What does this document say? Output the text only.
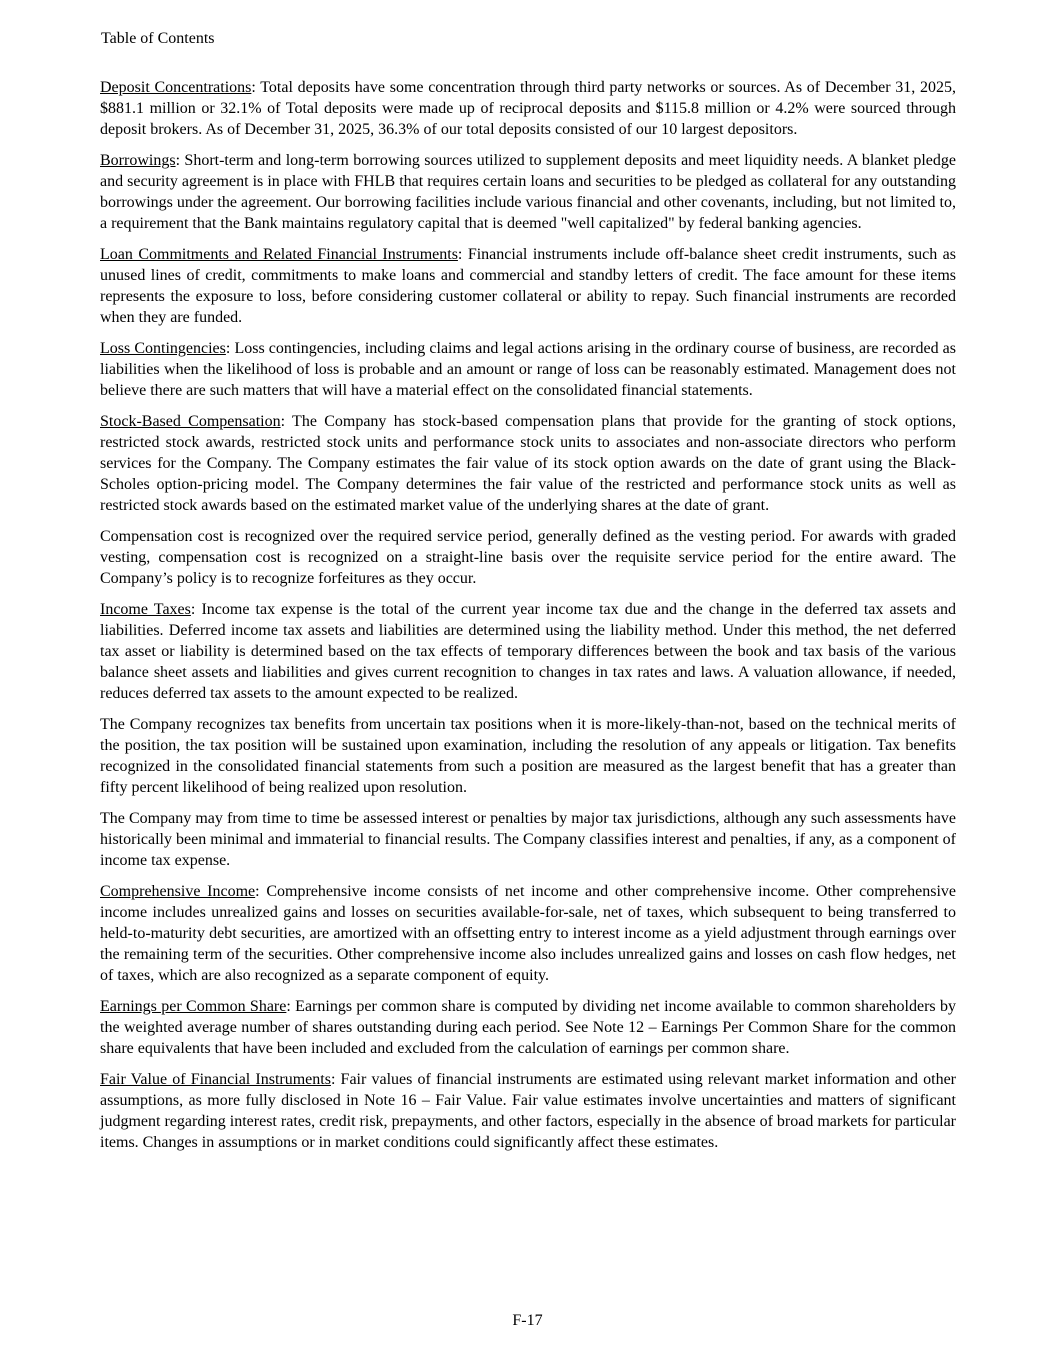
Table of Contents

Deposit Concentrations: Total deposits have some concentration through third party networks or sources. As of December 31, 2025, $881.1 million or 32.1% of Total deposits were made up of reciprocal deposits and $115.8 million or 4.2% were sourced through deposit brokers. As of December 31, 2025, 36.3% of our total deposits consisted of our 10 largest depositors.

Borrowings: Short-term and long-term borrowing sources utilized to supplement deposits and meet liquidity needs. A blanket pledge and security agreement is in place with FHLB that requires certain loans and securities to be pledged as collateral for any outstanding borrowings under the agreement. Our borrowing facilities include various financial and other covenants, including, but not limited to, a requirement that the Bank maintains regulatory capital that is deemed "well capitalized" by federal banking agencies.

Loan Commitments and Related Financial Instruments: Financial instruments include off-balance sheet credit instruments, such as unused lines of credit, commitments to make loans and commercial and standby letters of credit. The face amount for these items represents the exposure to loss, before considering customer collateral or ability to repay. Such financial instruments are recorded when they are funded.

Loss Contingencies: Loss contingencies, including claims and legal actions arising in the ordinary course of business, are recorded as liabilities when the likelihood of loss is probable and an amount or range of loss can be reasonably estimated. Management does not believe there are such matters that will have a material effect on the consolidated financial statements.

Stock-Based Compensation: The Company has stock-based compensation plans that provide for the granting of stock options, restricted stock awards, restricted stock units and performance stock units to associates and non-associate directors who perform services for the Company. The Company estimates the fair value of its stock option awards on the date of grant using the Black-Scholes option-pricing model. The Company determines the fair value of the restricted and performance stock units as well as restricted stock awards based on the estimated market value of the underlying shares at the date of grant.

Compensation cost is recognized over the required service period, generally defined as the vesting period. For awards with graded vesting, compensation cost is recognized on a straight-line basis over the requisite service period for the entire award. The Company’s policy is to recognize forfeitures as they occur.

Income Taxes: Income tax expense is the total of the current year income tax due and the change in the deferred tax assets and liabilities. Deferred income tax assets and liabilities are determined using the liability method. Under this method, the net deferred tax asset or liability is determined based on the tax effects of temporary differences between the book and tax basis of the various balance sheet assets and liabilities and gives current recognition to changes in tax rates and laws. A valuation allowance, if needed, reduces deferred tax assets to the amount expected to be realized.

The Company recognizes tax benefits from uncertain tax positions when it is more-likely-than-not, based on the technical merits of the position, the tax position will be sustained upon examination, including the resolution of any appeals or litigation. Tax benefits recognized in the consolidated financial statements from such a position are measured as the largest benefit that has a greater than fifty percent likelihood of being realized upon resolution.

The Company may from time to time be assessed interest or penalties by major tax jurisdictions, although any such assessments have historically been minimal and immaterial to financial results. The Company classifies interest and penalties, if any, as a component of income tax expense.

Comprehensive Income: Comprehensive income consists of net income and other comprehensive income. Other comprehensive income includes unrealized gains and losses on securities available-for-sale, net of taxes, which subsequent to being transferred to held-to-maturity debt securities, are amortized with an offsetting entry to interest income as a yield adjustment through earnings over the remaining term of the securities. Other comprehensive income also includes unrealized gains and losses on cash flow hedges, net of taxes, which are also recognized as a separate component of equity.

Earnings per Common Share: Earnings per common share is computed by dividing net income available to common shareholders by the weighted average number of shares outstanding during each period. See Note 12 – Earnings Per Common Share for the common share equivalents that have been included and excluded from the calculation of earnings per common share.

Fair Value of Financial Instruments: Fair values of financial instruments are estimated using relevant market information and other assumptions, as more fully disclosed in Note 16 – Fair Value. Fair value estimates involve uncertainties and matters of significant judgment regarding interest rates, credit risk, prepayments, and other factors, especially in the absence of broad markets for particular items. Changes in assumptions or in market conditions could significantly affect these estimates.

F-17
